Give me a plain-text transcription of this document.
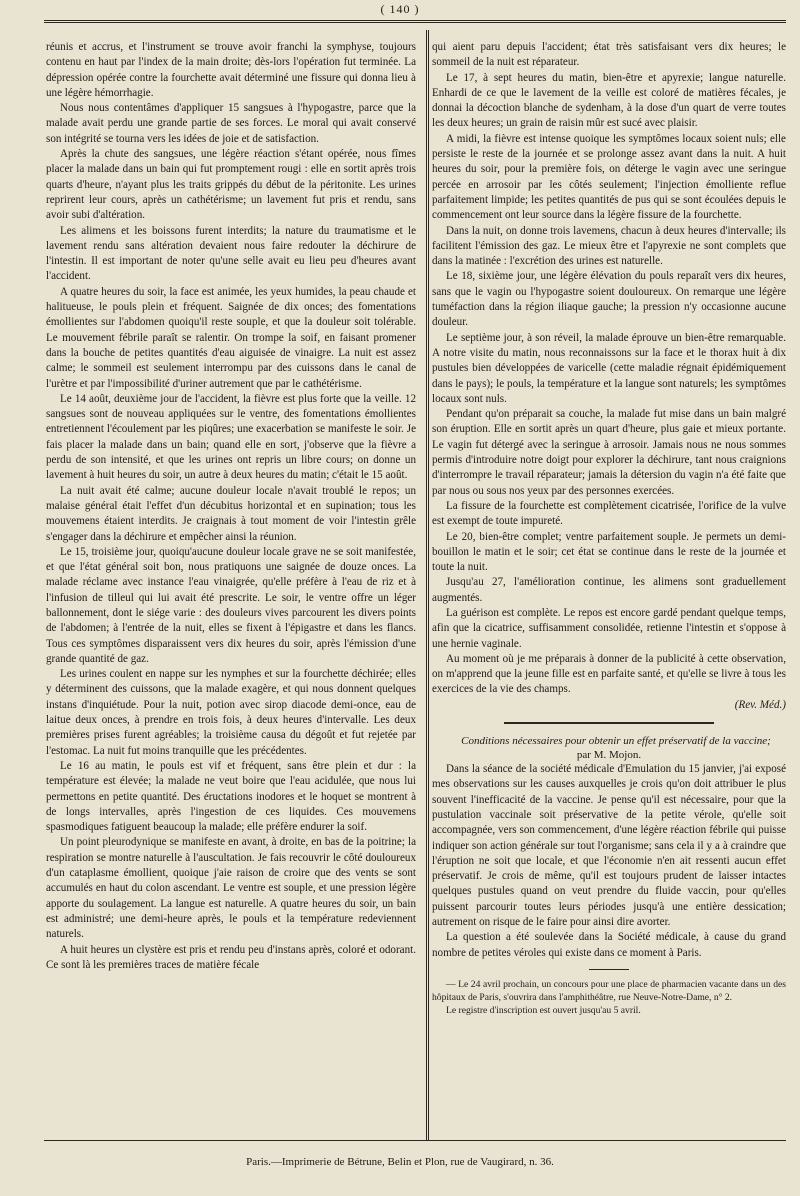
( 140 )

réunis et accrus, et l'instrument se trouve avoir franchi la symphyse, toujours contenu en haut par l'index de la main droite; dès-lors l'opération fut terminée. La dépression opérée contre la fourchette avait déterminé une fissure qui donna lieu à une légère hémorrhagie.

Nous nous contentâmes d'appliquer 15 sangsues à l'hypogastre, parce que la malade avait perdu une grande partie de ses forces. Le moral qui avait conservé son intégrité se tourna vers les idées de joie et de satisfaction.

Après la chute des sangsues, une légère réaction s'étant opérée, nous fîmes placer la malade dans un bain qui fut promptement rougi : elle en sortit après trois quarts d'heure, n'ayant plus les traits grippés du début de la péritonite. Les urines reprirent leur cours, après un cathétérisme; un lavement fut pris et rendu, sans avoir subi d'altération.

Les alimens et les boissons furent interdits; la nature du traumatisme et le lavement rendu sans altération devaient nous faire redouter la déchirure de l'intestin. Il est important de noter qu'une selle avait eu lieu peu d'heures avant l'accident.

A quatre heures du soir, la face est animée, les yeux humides, la peau chaude et halitueuse, le pouls plein et fréquent. Saignée de dix onces; des fomentations émollientes sur l'abdomen quoiqu'il reste souple, et que la douleur soit tolérable. Le mouvement fébrile paraît se ralentir. On trompe la soif, en faisant promener dans la bouche de petites quantités d'eau aiguisée de vinaigre. La nuit est assez calme; le sommeil est seulement interrompu par des cuissons dans le canal de l'urètre et par l'impossibilité d'uriner autrement que par le cathétérisme.

Le 14 août, deuxième jour de l'accident, la fièvre est plus forte que la veille. 12 sangsues sont de nouveau appliquées sur le ventre, des fomentations émollientes entretiennent l'écoulement par les piqûres; une exacerbation se manifeste le soir. Je fais placer la malade dans un bain; quand elle en sort, j'observe que la fièvre a perdu de son intensité, et que les urines ont repris un libre cours; on donne un lavement à huit heures du soir, un autre à deux heures du matin; c'était le 15 août.

La nuit avait été calme; aucune douleur locale n'avait troublé le repos; un malaise général était l'effet d'un décubitus horizontal et en supination; tous les mouvemens étaient interdits. Je craignais à tout moment de voir l'intestin grêle s'engager dans la déchirure et empêcher ainsi la réunion.

Le 15, troisième jour, quoiqu'aucune douleur locale grave ne se soit manifestée, et que l'état général soit bon, nous pratiquons une saignée de douze onces. La malade réclame avec instance l'eau vinaigrée, qu'elle préfère à l'eau de riz et à l'infusion de tilleul qui lui avait été prescrite. Le soir, le ventre offre un léger ballonnement, dont le siége varie : des douleurs vives parcourent les divers points de l'abdomen; à l'entrée de la nuit, elles se fixent à l'épigastre et dans les flancs. Tous ces symptômes disparaissent vers dix heures du soir, après l'émission d'une grande quantité de gaz.

Les urines coulent en nappe sur les nymphes et sur la fourchette déchirée; elles y déterminent des cuissons, que la malade exagère, et qui nous donnent quelques instans d'inquiétude. Pour la nuit, potion avec sirop diacode demi-once, eau de laitue deux onces, à prendre en trois fois, à deux heures d'intervalle. Les deux premières prises furent agréables; la troisième causa du dégoût et fut rejetée par l'estomac. La nuit fut moins tranquille que les précédentes.

Le 16 au matin, le pouls est vif et fréquent, sans être plein et dur : la température est élevée; la malade ne veut boire que l'eau acidulée, que nous lui permettons en petite quantité. Des éructations inodores et le hoquet se montrent à de longs intervalles, après l'ingestion de ces liquides. Ces mouvemens spasmodiques fatiguent beaucoup la malade; elle préfère endurer la soif.

Un point pleurodynique se manifeste en avant, à droite, en bas de la poitrine; la respiration se montre naturelle à l'auscultation. Je fais recouvrir le côté douloureux d'un cataplasme émollient, quoique j'aie raison de croire que des vents se sont accumulés en haut du colon ascendant. Le ventre est souple, et une pression légère apporte du soulagement. La langue est naturelle. A quatre heures du soir, un bain est administré; une demi-heure après, le pouls et la température redeviennent naturels.

A huit heures un clystère est pris et rendu peu d'instans après, coloré et odorant. Ce sont là les premières traces de matière fécale

qui aient paru depuis l'accident; état très satisfaisant vers dix heures; le sommeil de la nuit est réparateur.

Le 17, à sept heures du matin, bien-être et apyrexie; langue naturelle. Enhardi de ce que le lavement de la veille est coloré de matières fécales, je donnai la décoction blanche de sydenham, à la dose d'un quart de verre toutes les deux heures; un grain de raisin mûr est sucé avec plaisir.

A midi, la fièvre est intense quoique les symptômes locaux soient nuls; elle persiste le reste de la journée et se prolonge assez avant dans la nuit. A huit heures du soir, pour la première fois, on déterge le vagin avec une seringue percée en arrosoir par les côtés seulement; l'injection émolliente reflue parfaitement limpide; les petites quantités de pus qui se sont écoulées depuis le commencement ont leur source dans la légère fissure de la fourchette.

Dans la nuit, on donne trois lavemens, chacun à deux heures d'intervalle; ils facilitent l'émission des gaz. Le mieux être et l'apyrexie ne sont complets que dans la matinée : l'excrétion des urines est naturelle.

Le 18, sixième jour, une légère élévation du pouls reparaît vers dix heures, sans que le vagin ou l'hypogastre soient douloureux. On remarque une légère tuméfaction dans la région iliaque gauche; la pression n'y occasionne aucune douleur.

Le septième jour, à son réveil, la malade éprouve un bien-être remarquable. A notre visite du matin, nous reconnaissons sur la face et le thorax huit à dix pustules bien développées de varicelle (cette maladie régnait épidémiquement dans le pays); le pouls, la température et la langue sont naturels; les symptômes locaux sont nuls.

Pendant qu'on préparait sa couche, la malade fut mise dans un bain malgré son éruption. Elle en sortit après un quart d'heure, plus gaie et mieux portante. Le vagin fut détergé avec la seringue à arrosoir. Jamais nous ne nous sommes permis d'introduire notre doigt pour explorer la déchirure, tant nous craignions d'interrompre le travail réparateur; jamais la détersion du vagin n'a été faite que par nous ou sous nos yeux par des personnes exercées.

La fissure de la fourchette est complètement cicatrisée, l'orifice de la vulve est exempt de toute impureté.

Le 20, bien-être complet; ventre parfaitement souple. Je permets un demi-bouillon le matin et le soir; cet état se continue dans le reste de la journée et toute la nuit.

Jusqu'au 27, l'amélioration continue, les alimens sont graduellement augmentés.

La guérison est complète. Le repos est encore gardé pendant quelque temps, afin que la cicatrice, suffisamment consolidée, retienne l'intestin et s'oppose à une hernie vaginale.

Au moment où je me préparais à donner de la publicité à cette observation, on m'apprend que la jeune fille est en parfaite santé, et qu'elle se livre à tous les exercices de la vie des champs.

(Rev. Méd.)

Conditions nécessaires pour obtenir un effet préservatif de la vaccine;
par M. Mojon.

Dans la séance de la société médicale d'Emulation du 15 janvier, j'ai exposé mes observations sur les causes auxquelles je crois qu'on doit attribuer le plus souvent l'inefficacité de la vaccine. Je pense qu'il est nécessaire, pour que la pustulation vaccinale soit préservative de la petite vérole, qu'elle soit accompagnée, vers son commencement, d'une légère réaction fébrile qui puisse indiquer son action générale sur tout l'organisme; sans cela il y a à craindre que l'éruption ne soit que locale, et que l'économie n'en ait ressenti aucun effet préservatif. Je crois de même, qu'il est toujours prudent de laisser intactes quelques pustules quand on veut prendre du fluide vaccin, pour qu'elles puissent parcourir toutes leurs périodes jusqu'à une entière dessication; autrement on risque de le faire pour ainsi dire avorter.

La question a été soulevée dans la Société médicale, à cause du grand nombre de petites véroles qui existe dans ce moment à Paris.

— Le 24 avril prochain, un concours pour une place de pharmacien vacante dans un des hôpitaux de Paris, s'ouvrira dans l'amphithéâtre, rue Neuve-Notre-Dame, n° 2.

Le registre d'inscription est ouvert jusqu'au 5 avril.

Paris.—Imprimerie de Bétrune, Belin et Plon, rue de Vaugirard, n. 36.
